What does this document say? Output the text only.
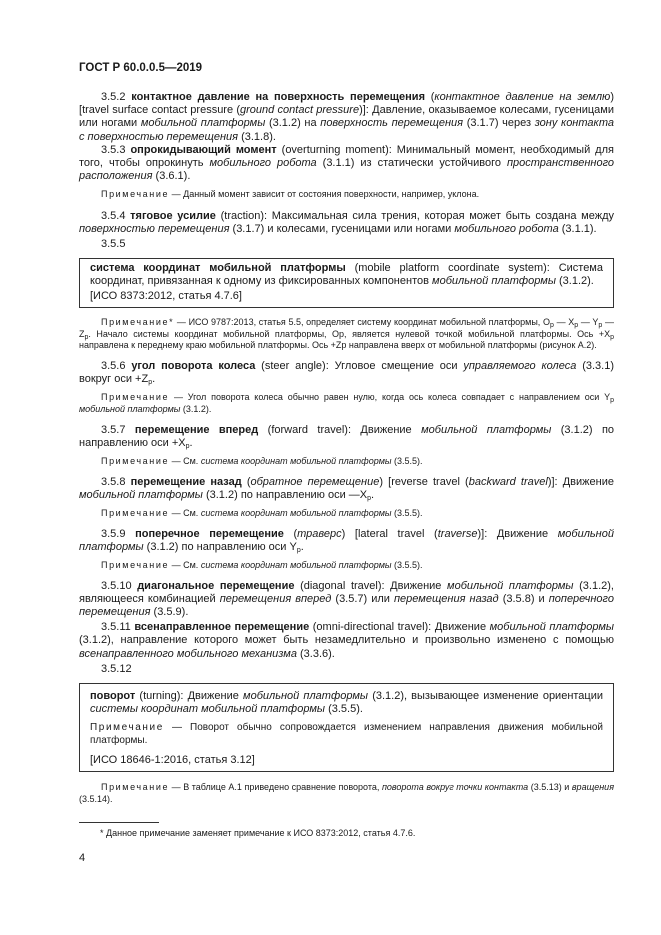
ГОСТ Р 60.0.0.5—2019

3.5.2 контактное давление на поверхность перемещения (контактное давление на землю) [travel surface contact pressure (ground contact pressure)]: Давление, оказываемое колесами, гусеницами или ногами мобильной платформы (3.1.2) на поверхность перемещения (3.1.7) через зону контакта с поверхностью перемещения (3.1.8).

3.5.3 опрокидывающий момент (overturning moment): Минимальный момент, необходимый для того, чтобы опрокинуть мобильного робота (3.1.1) из статически устойчивого пространственного расположения (3.6.1).

Примечание — Данный момент зависит от состояния поверхности, например, уклона.

3.5.4 тяговое усилие (traction): Максимальная сила трения, которая может быть создана между поверхностью перемещения (3.1.7) и колесами, гусеницами или ногами мобильного робота (3.1.1).

3.5.5

система координат мобильной платформы (mobile platform coordinate system): Система координат, привязанная к одному из фиксированных компонентов мобильной платформы (3.1.2).

[ИСО 8373:2012, статья 4.7.6]

Примечание* — ИСО 9787:2013, статья 5.5, определяет систему координат мобильной платформы, $O_p$ — $X_p$ — $Y_p$ — $Z_p$. Начало системы координат мобильной платформы, Op, является нулевой точкой мобильной платформы. Ось $+X_p$ направлена к переднему краю мобильной платформы. Ось +Zp направлена вверх от мобильной платформы (рисунок А.2).

3.5.6 угол поворота колеса (steer angle): Угловое смещение оси управляемого колеса (3.3.1) вокруг оси $+Z_p$.

Примечание — Угол поворота колеса обычно равен нулю, когда ось колеса совпадает с направлением оси $Y_p$ мобильной платформы (3.1.2).

3.5.7 перемещение вперед (forward travel): Движение мобильной платформы (3.1.2) по направлению оси $+X_p$.

Примечание — См. система координат мобильной платформы (3.5.5).

3.5.8 перемещение назад (обратное перемещение) [reverse travel (backward travel)]: Движение мобильной платформы (3.1.2) по направлению оси $—X_p$.

Примечание — См. система координат мобильной платформы (3.5.5).

3.5.9 поперечное перемещение (траверс) [lateral travel (traverse)]: Движение мобильной платформы (3.1.2) по направлению оси $Y_p$.

Примечание — См. система координат мобильной платформы (3.5.5).

3.5.10 диагональное перемещение (diagonal travel): Движение мобильной платформы (3.1.2), являющееся комбинацией перемещения вперед (3.5.7) или перемещения назад (3.5.8) и поперечного перемещения (3.5.9).

3.5.11 всенаправленное перемещение (omni-directional travel): Движение мобильной платформы (3.1.2), направление которого может быть незамедлительно и произвольно изменено с помощью всенаправленного мобильного механизма (3.3.6).

3.5.12

поворот (turning): Движение мобильной платформы (3.1.2), вызывающее изменение ориентации системы координат мобильной платформы (3.5.5).

Примечание — Поворот обычно сопровождается изменением направления движения мобильной платформы.

[ИСО 18646-1:2016, статья 3.12]

Примечание — В таблице А.1 приведено сравнение поворота, поворота вокруг точки контакта (3.5.13) и вращения (3.5.14).

* Данное примечание заменяет примечание к ИСО 8373:2012, статья 4.7.6.
4
